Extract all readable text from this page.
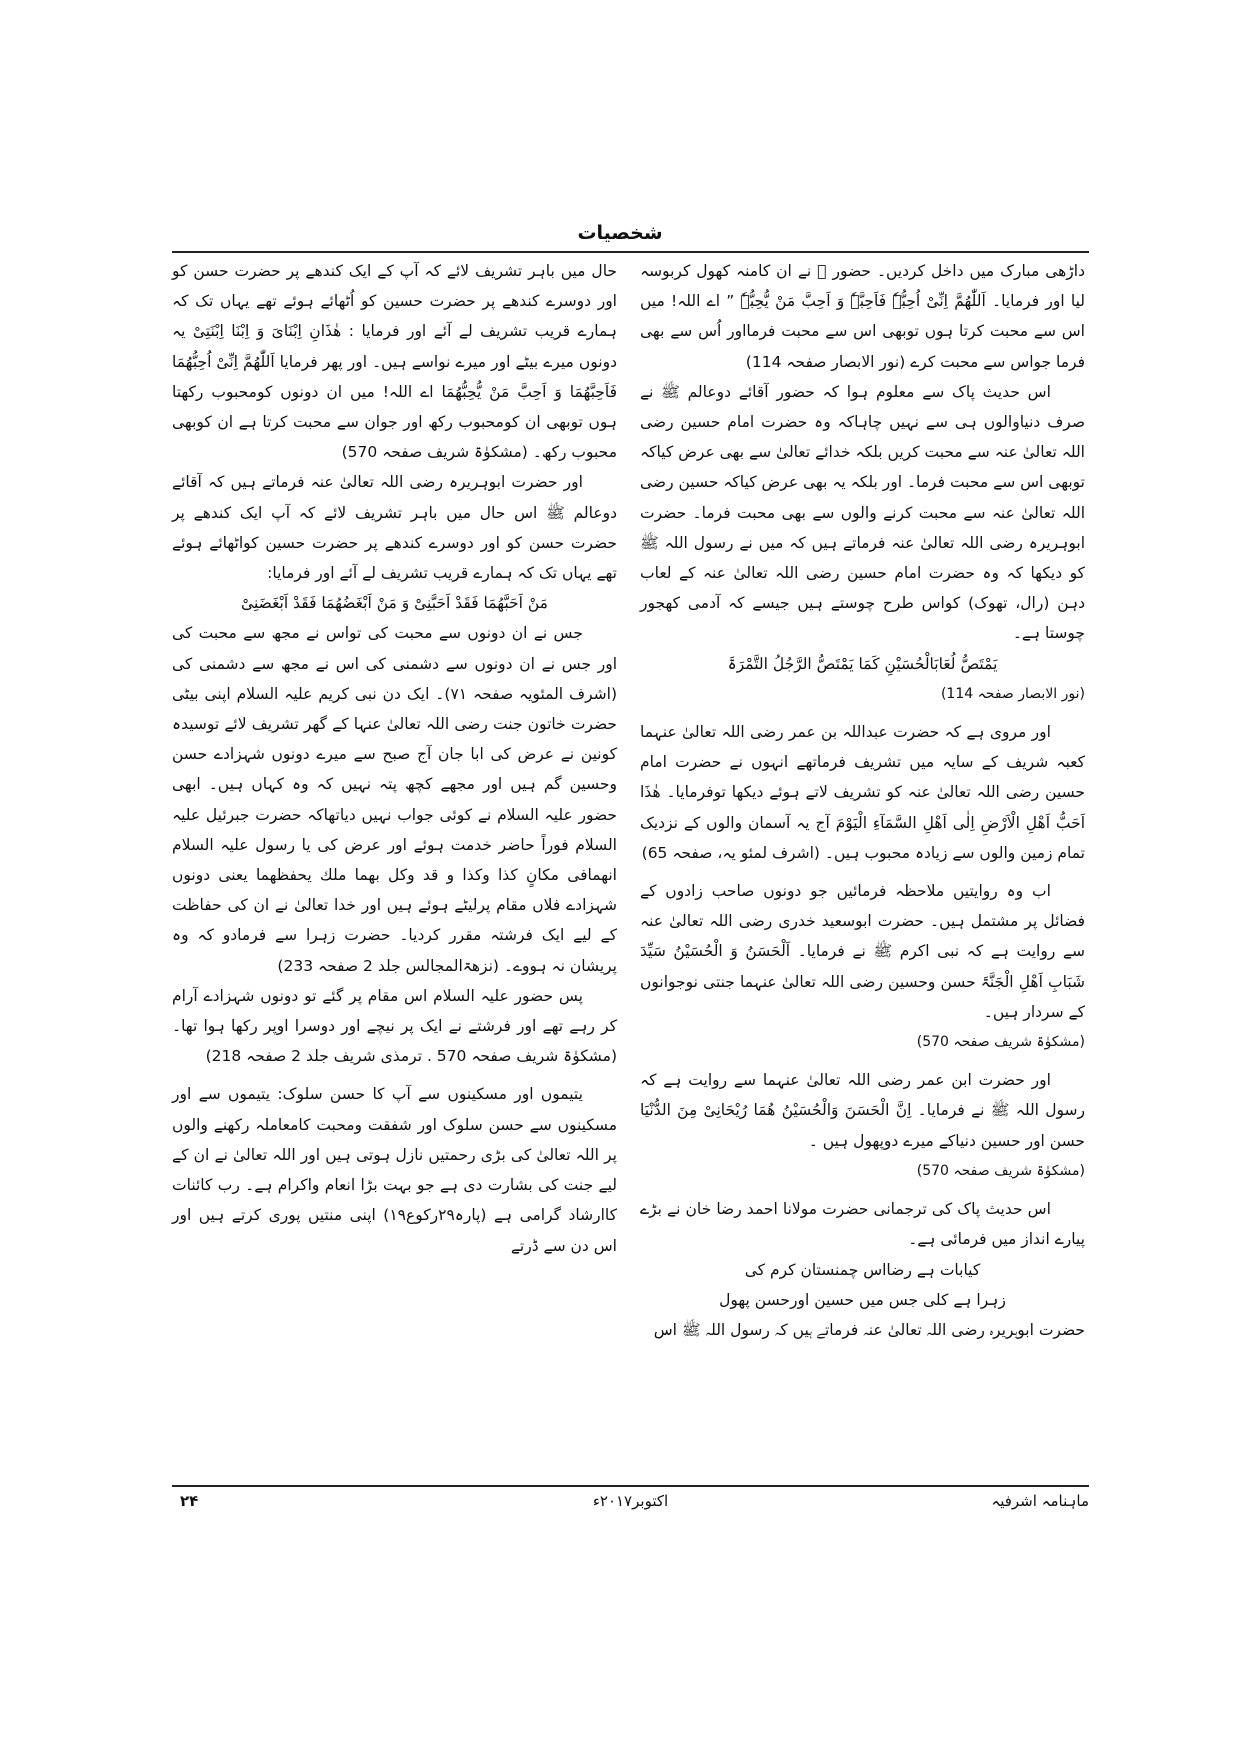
شخصیات

داڑھی مبارک میں داخل کردیں۔ حضور ﷺ نے ان کامنہ کھول کربوسہ لیا اور فرمایا۔ اَللّٰھُمَّ اِنِّیْ اُحِبُّہٗ فَاَحِبَّہٗ وَ اَحِبَّ مَنْ یُّحِبُّہٗ ” اے اللہ! میں اس سے محبت کرتا ہوں توبھی اس سے محبت فرمااور اُس سے بھی فرما جواس سے محبت کرے (نور الابصار صفحہ 114)

اس حدیث پاک سے معلوم ہوا کہ حضور آقائے دوعالم ﷺ نے صرف دنیاوالوں ہی سے نہیں چاہاکہ وہ حضرت امام حسین رضی اللہ تعالیٰ عنہ سے محبت کریں بلکہ خدائے تعالیٰ سے بھی عرض کیاکہ توبھی اس سے محبت فرما۔ اور بلکہ یہ بھی عرض کیاکہ حسین رضی اللہ تعالیٰ عنہ سے محبت کرنے والوں سے بھی محبت فرما۔ حضرت ابوہریرہ رضی اللہ تعالیٰ عنہ فرماتے ہیں کہ میں نے رسول اللہ ﷺ کو دیکھا کہ وہ حضرت امام حسین رضی اللہ تعالیٰ عنہ کے لعاب دہن (رال، تھوک) کواس طرح چوستے ہیں جیسے کہ آدمی کھجور چوستا ہے۔

یَمْتَصُّ لُعَابَالْحُسَیْنِ کَمَا یَمْتَصُّ الرَّجُلُ التَّمْرَۃَ

(نور الابصار صفحہ 114)

اور مروی ہے کہ حضرت عبداللہ بن عمر رضی اللہ تعالیٰ عنہما کعبہ شریف کے سایہ میں تشریف فرماتھے انہوں نے حضرت امام حسین رضی اللہ تعالیٰ عنہ کو تشریف لاتے ہوئے دیکھا توفرمایا۔ ھٰذَا اَحَبُّ اَھْلِ الْاَرْضِ اِلٰی اَھْلِ السَّمَآءِ الْیَوْمَ آج یہ آسمان والوں کے نزدیک تمام زمین والوں سے زیادہ محبوب ہیں۔ (اشرف لمئو یہ، صفحہ 65)

اب وہ روایتیں ملاحظہ فرمائیں جو دونوں صاحب زادوں کے فضائل پر مشتمل ہیں۔ حضرت ابوسعید خدری رضی اللہ تعالیٰ عنہ سے روایت ہے کہ نبی اکرم ﷺ نے فرمایا۔ اَلْحَسَنُ وَ الْحُسَیْنُ سَیِّدَ شَبَابِ اَھْلِ الْجَنَّۃَ حسن وحسین رضی اللہ تعالیٰ عنہما جنتی نوجوانوں کے سردار ہیں۔

(مشکوٰۃ شریف صفحہ 570)

اور حضرت ابن عمر رضی اللہ تعالیٰ عنہما سے روایت ہے کہ رسول اللہ ﷺ نے فرمایا۔ اِنَّ الْحَسَنَ وَالْحُسَیْنُ ھُمَا رُیْحَانِیْ مِنَ الدُّنْیَا حسن اور حسین دنیاکے میرے دوپھول ہیں ۔

(مشکوٰۃ شریف صفحہ 570)

اس حدیث پاک کی ترجمانی حضرت مولانا احمد رضا خان نے بڑے پیارے انداز میں فرمائی ہے۔

کیابات ہے رضااس چمنستان کرم کی

زہرا ہے کلی جس میں حسین اورحسن پھول

حضرت ابوہریرہ رضی اللہ تعالیٰ عنہ فرماتے ہیں کہ رسول اللہ ﷺ اس

حال میں باہر تشریف لائے کہ آپ کے ایک کندھے پر حضرت حسن کو اور دوسرے کندھے پر حضرت حسین کو اُٹھائے ہوئے تھے یہاں تک کہ ہمارے قریب تشریف لے آئے اور فرمایا : ھٰذَانِ اِبْنَایَ وَ اِبْنَا اِبْنَتِیْ یہ دونوں میرے بیٹے اور میرے نواسے ہیں۔ اور پھر فرمایا اَللّٰھُمَّ اِنِّیْ اُحِبُّھُمَا فَاَحِبَّھُمَا وَ اَحِبَّ مَنْ یُّحِبُّھُمَا اے اللہ! میں ان دونوں کومحبوب رکھتا ہوں توبھی ان کومحبوب رکھ اور جوان سے محبت کرتا ہے ان کوبھی محبوب رکھ۔ (مشکوٰۃ شریف صفحہ 570)

اور حضرت ابوہریرہ رضی اللہ تعالیٰ عنہ فرماتے ہیں کہ آقائے دوعالم ﷺ اس حال میں باہر تشریف لائے کہ آپ ایک کندھے پر حضرت حسن کو اور دوسرے کندھے پر حضرت حسین کواٹھائے ہوئے تھے یہاں تک کہ ہمارے قریب تشریف لے آئے اور فرمایا:

مَنْ اَحَبَّھُمَا فَقَدْ اَحَبَّنِیْ وَ مَنْ اَبْغَضُھُمَا فَقَدْ اَبْغَضَنِیْ

جس نے ان دونوں سے محبت کی تواس نے مجھ سے محبت کی اور جس نے ان دونوں سے دشمنی کی اس نے مجھ سے دشمنی کی (اشرف المئویہ صفحہ ۷۱)۔ ایک دن نبی کریم علیہ السلام اپنی بیٹی حضرت خاتون جنت رضی اللہ تعالیٰ عنہا کے گھر تشریف لائے توسیدہ کونین نے عرض کی ابا جان آج صبح سے میرے دونوں شہزادے حسن وحسین گم ہیں اور مجھے کچھ پتہ نہیں کہ وہ کہاں ہیں۔ ابھی حضور علیہ السلام نے کوئی جواب نہیں دیاتھاکہ حضرت جبرئیل علیہ السلام فوراً حاضر خدمت ہوئے اور عرض کی یا رسول علیہ السلام انھمافی مکانٍ کذا وکذا و قد وکل بھما ملك یحفظھما یعنی دونوں شہزادے فلاں مقام پرلیٹے ہوئے ہیں اور خدا تعالیٰ نے ان کی حفاظت کے لیے ایک فرشتہ مقرر کردیا۔ حضرت زہرا سے فرمادو کہ وہ پریشان نہ ہووے۔ (نزھۃالمجالس جلد 2 صفحہ 233)

پس حضور علیہ السلام اس مقام پر گئے تو دونوں شہزادے آرام کر رہے تھے اور فرشتے نے ایک پر نیچے اور دوسرا اوپر رکھا ہوا تھا۔(مشکوٰۃ شریف صفحہ 570 . ترمذی شریف جلد 2 صفحہ 218)

یتیموں اور مسکینوں سے آپ کا حسن سلوک: یتیموں سے اور مسکینوں سے حسن سلوک اور شفقت ومحبت کامعاملہ رکھنے والوں پر اللہ تعالیٰ کی بڑی رحمتیں نازل ہوتی ہیں اور اللہ تعالیٰ نے ان کے لیے جنت کی بشارت دی ہے جو بہت بڑا انعام واکرام ہے۔ رب کائنات کاارشاد گرامی ہے (پارہ۲۹رکوع۱۹) اپنی منتیں پوری کرتے ہیں اور اس دن سے ڈرتے

ماہنامہ اشرفیہ
اکتوبر۲۰۱۷ء
۲۴
